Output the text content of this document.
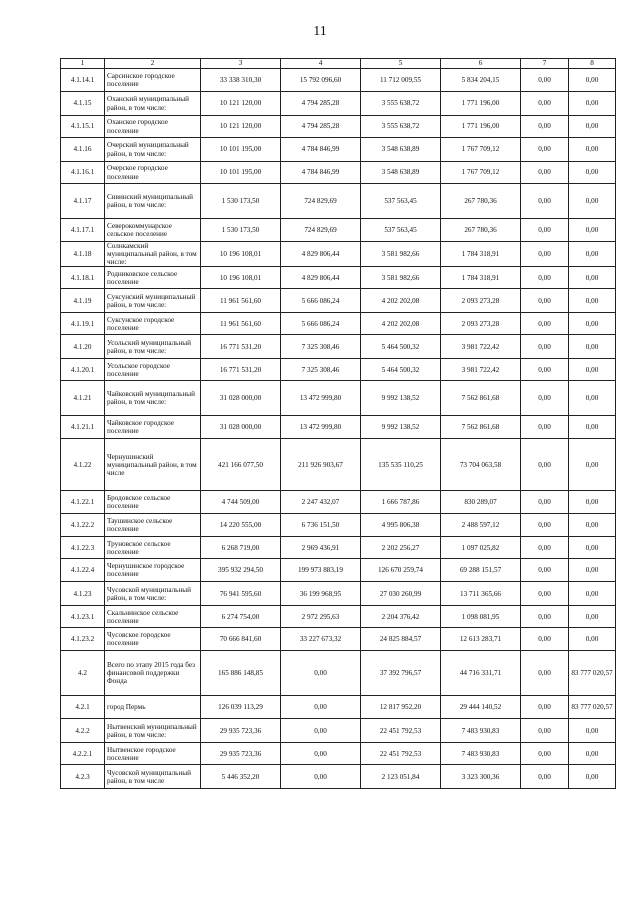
11
1	2	3	4	5	6	7	8
4.1.14.1	Сарсинское городское поселение	33 338 310,30	15 792 096,60	11 712 009,55	5 834 204,15	0,00	0,00
4.1.15	Оханский муниципальный район, в том числе:	10 121 120,00	4 794 285,28	3 555 638,72	1 771 196,00	0,00	0,00
4.1.15.1	Оханское городское поселение	10 121 120,00	4 794 285,28	3 555 638,72	1 771 196,00	0,00	0,00
4.1.16	Очерский муниципальный район, в том числе:	10 101 195,00	4 784 846,99	3 548 638,89	1 767 709,12	0,00	0,00
4.1.16.1	Очерское городское поселение	10 101 195,00	4 784 846,99	3 548 638,89	1 767 709,12	0,00	0,00
4.1.17	Сивинский муниципальный район, в том числе:	1 530 173,50	724 829,69	537 563,45	267 780,36	0,00	0,00
4.1.17.1	Северокоммунарское сельское поселение	1 530 173,50	724 829,69	537 563,45	267 780,36	0,00	0,00
4.1.18	Солнкамский муниципальный район, в том числе:	10 196 108,01	4 829 806,44	3 581 982,66	1 784 318,91	0,00	0,00
4.1.18.1	Родниковское сельское поселение	10 196 108,01	4 829 806,44	3 581 982,66	1 784 318,91	0,00	0,00
4.1.19	Суксунский муниципальный район, в том числе:	11 961 561,60	5 666 086,24	4 202 202,08	2 093 273,28	0,00	0,00
4.1.19.1	Суксунское городское поселение	11 961 561,60	5 666 086,24	4 202 202,08	2 093 273,28	0,00	0,00
4.1.20	Усольский муниципальный район, в том числе:	16 771 531,20	7 325 308,46	5 464 500,32	3 981 722,42	0,00	0,00
4.1.20.1	Усольское городское поселение	16 771 531,20	7 325 308,46	5 464 500,32	3 981 722,42	0,00	0,00
4.1.21	Чайковский муниципальный район, в том числе:	31 028 000,00	13 472 999,80	9 992 138,52	7 562 861,68	0,00	0,00
4.1.21.1	Чайковское городское поселение	31 028 000,00	13 472 999,80	9 992 138,52	7 562 861,68	0,00	0,00
4.1.22	Чернушинский муниципальный район, в том числе	421 166 077,50	211 926 903,67	135 535 110,25	73 704 063,58	0,00	0,00
4.1.22.1	Бродовское сельское поселение	4 744 509,00	2 247 432,07	1 666 787,86	830 289,07	0,00	0,00
4.1.22.2	Таушинское сельское поселение	14 220 555,00	6 736 151,50	4 995 806,38	2 488 597,12	0,00	0,00
4.1.22.3	Труновское сельское поселение	6 268 719,00	2 969 436,91	2 202 256,27	1 097 025,82	0,00	0,00
4.1.22.4	Чернушинское городское поселение	395 932 294,50	199 973 883,19	126 670 259,74	69 288 151,57	0,00	0,00
4.1.23	Чусовской муниципальный район, в том числе:	76 941 595,60	36 199 968,95	27 030 260,99	13 711 365,66	0,00	0,00
4.1.23.1	Скальнинское сельское поселение	6 274 754,00	2 972 295,63	2 204 376,42	1 098 081,95	0,00	0,00
4.1.23.2	Чусовское городское поселение	70 666 841,60	33 227 673,32	24 825 884,57	12 613 283,71	0,00	0,00
4.2	Всего по этапу 2015 года без финансовой поддержки Фонда	165 886 148,85	0,00	37 392 796,57	44 716 331,71	0,00	83 777 020,57
4.2.1	город Пермь	126 039 113,29	0,00	12 817 952,20	29 444 140,52	0,00	83 777 020,57
4.2.2	Нытвенский муниципальный район, в том числе:	29 935 723,36	0,00	22 451 792,53	7 483 930,83	0,00	0,00
4.2.2.1	Нытвенское городское поселение	29 935 723,36	0,00	22 451 792,53	7 483 930,83	0,00	0,00
4.2.3	Чусовской муниципальный район, в том числе	5 446 352,20	0,00	2 123 051,84	3 323 300,36	0,00	0,00
